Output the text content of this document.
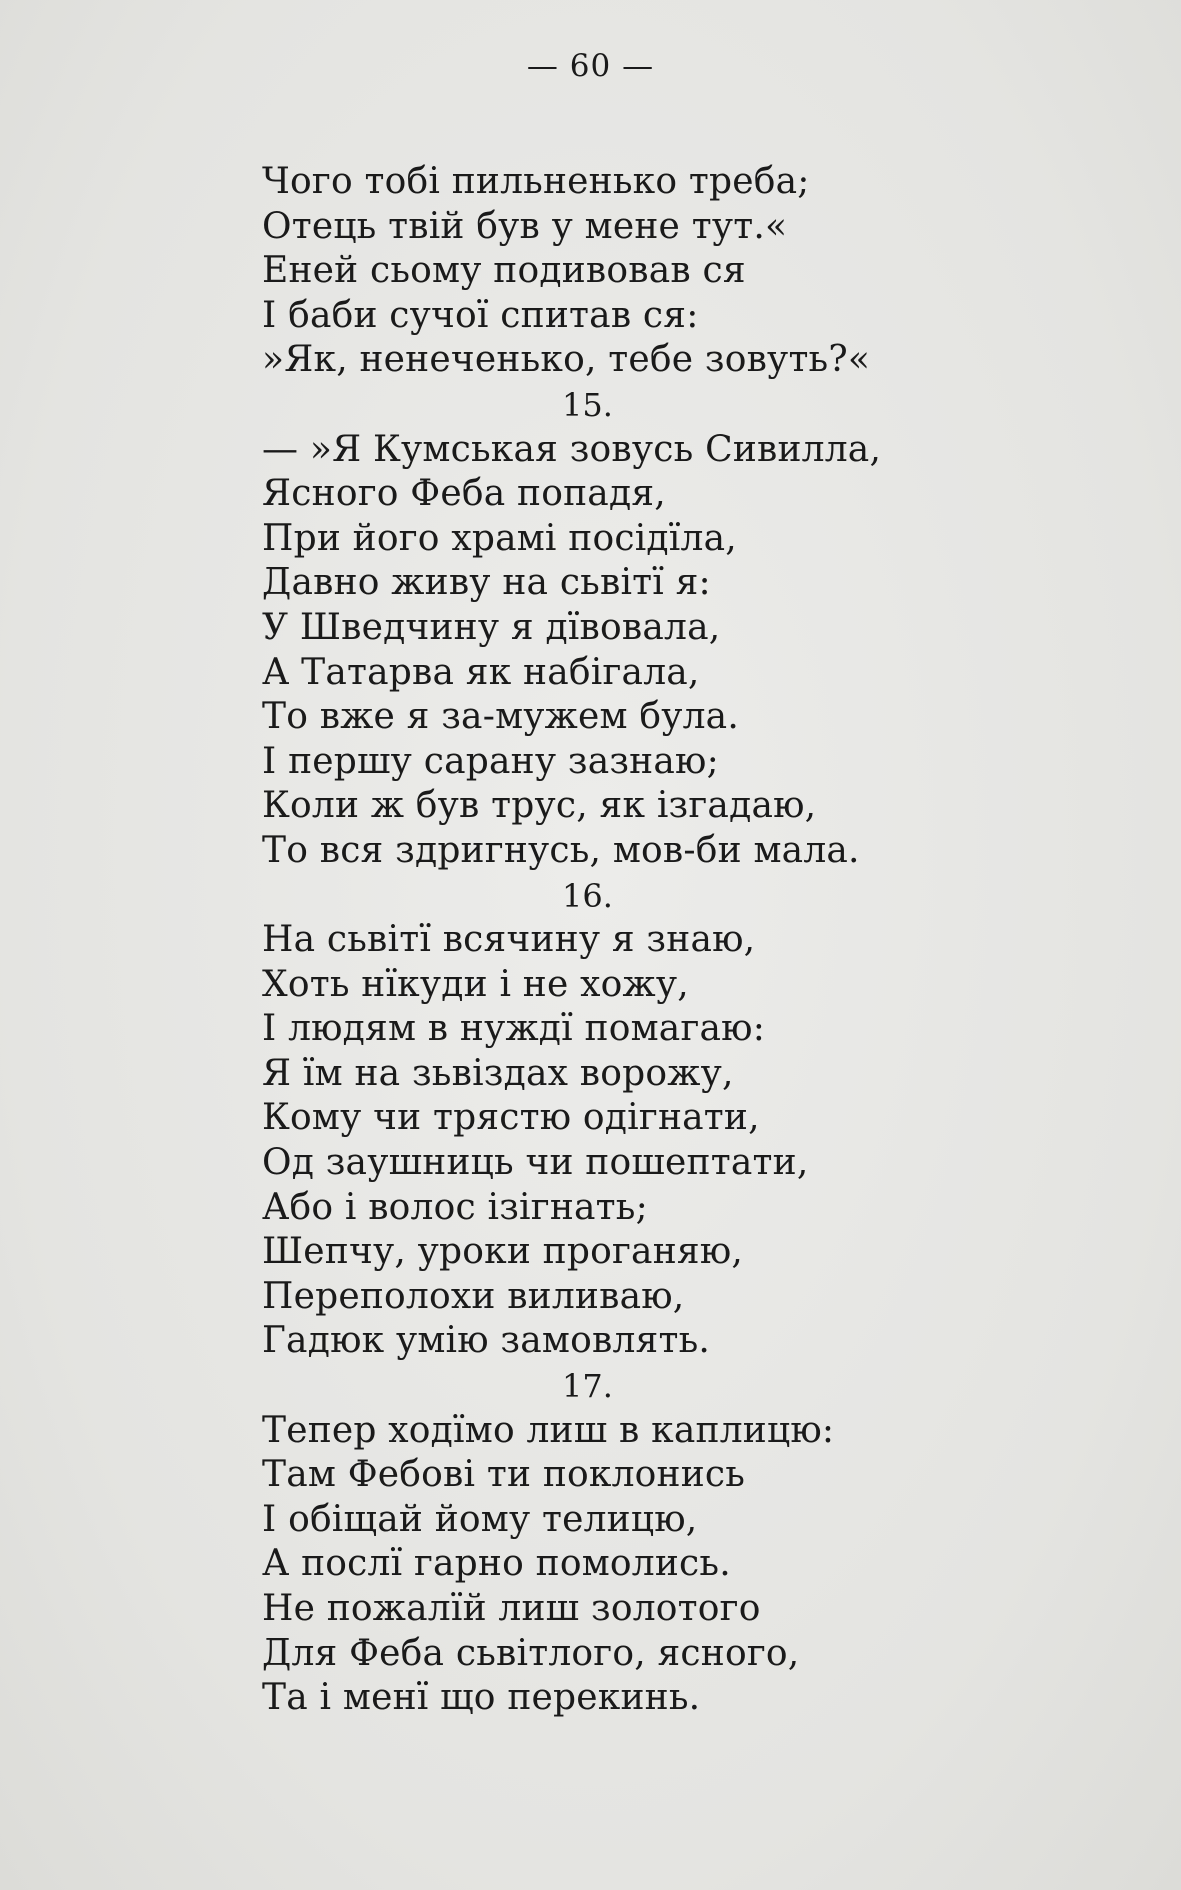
— 60 —
Чого тобі пильненько треба;
Отець твій був у мене тут.«
Еней сьому подивовав ся
І баби сучої спитав ся:
»Як, ненеченько, тебе зовуть?«
15.
— »Я Кумськая зовусь Сивилла,
Ясного Феба попадя,
При його храмі посідїла,
Давно живу на сьвітї я:
У Шведчину я дївовала,
А Татарва як набігала,
То вже я за-мужем була.
І першу сарану зазнаю;
Коли ж був трус, як ізгадаю,
То вся здригнусь, мов-би мала.
16.
На сьвітї всячину я знаю,
Хоть нїкуди і не хожу,
І людям в нуждї помагаю:
Я їм на зьвіздах ворожу,
Кому чи трястю одігнати,
Од заушниць чи пошептати,
Або і волос ізігнать;
Шепчу, уроки проганяю,
Переполохи виливаю,
Гадюк умію замовлять.
17.
Тепер ходїмо лиш в каплицю:
Там Фебові ти поклонись
І обіщай йому телицю,
А послї гарно помолись.
Не пожалїй лиш золотого
Для Феба сьвітлого, ясного,
Та і менї що перекинь.
